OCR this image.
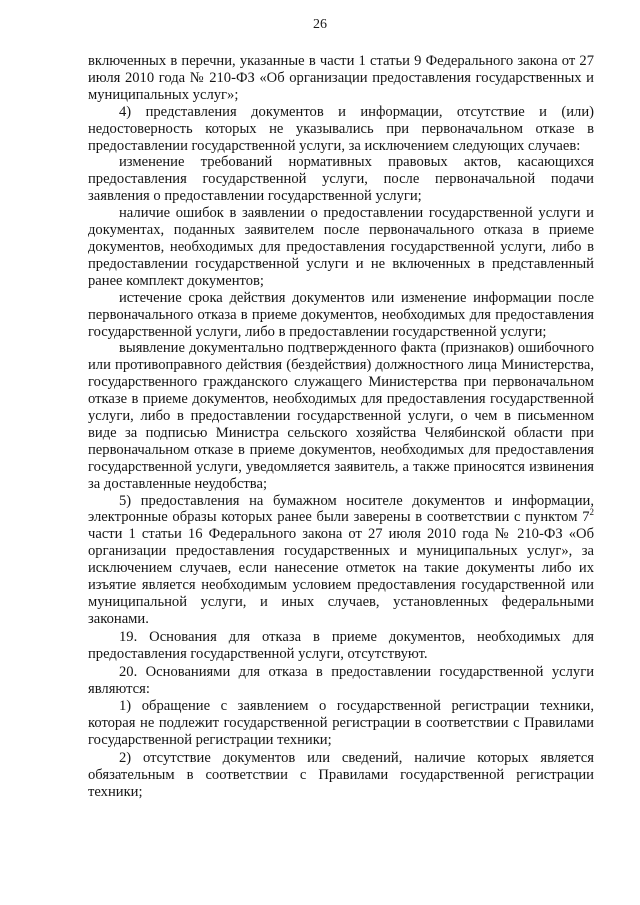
26

включенных в перечни, указанные в части 1 статьи 9 Федерального закона от 27 июля 2010 года № 210-ФЗ «Об организации предоставления государственных и муниципальных услуг»;

4) представления документов и информации, отсутствие и (или) недостоверность которых не указывались при первоначальном отказе в предоставлении государственной услуги, за исключением следующих случаев:

изменение требований нормативных правовых актов, касающихся предоставления государственной услуги, после первоначальной подачи заявления о предоставлении государственной услуги;

наличие ошибок в заявлении о предоставлении государственной услуги и документах, поданных заявителем после первоначального отказа в приеме документов, необходимых для предоставления государственной услуги, либо в предоставлении государственной услуги и не включенных в представленный ранее комплект документов;

истечение срока действия документов или изменение информации после первоначального отказа в приеме документов, необходимых для предоставления государственной услуги, либо в предоставлении государственной услуги;

выявление документально подтвержденного факта (признаков) ошибочного или противоправного действия (бездействия) должностного лица Министерства, государственного гражданского служащего Министерства при первоначальном отказе в приеме документов, необходимых для предоставления государственной услуги, либо в предоставлении государственной услуги, о чем в письменном виде за подписью Министра сельского хозяйства Челябинской области при первоначальном отказе в приеме документов, необходимых для предоставления государственной услуги, уведомляется заявитель, а также приносятся извинения за доставленные неудобства;

5) предоставления на бумажном носителе документов и информации, электронные образы которых ранее были заверены в соответствии с пунктом $7^2$ части 1 статьи 16 Федерального закона от 27 июля 2010 года № 210-ФЗ «Об организации предоставления государственных и муниципальных услуг», за исключением случаев, если нанесение отметок на такие документы либо их изъятие является необходимым условием предоставления государственной или муниципальной услуги, и иных случаев, установленных федеральными законами.

19. Основания для отказа в приеме документов, необходимых для предоставления государственной услуги, отсутствуют.

20. Основаниями для отказа в предоставлении государственной услуги являются:

1) обращение с заявлением о государственной регистрации техники, которая не подлежит государственной регистрации в соответствии с Правилами государственной регистрации техники;

2) отсутствие документов или сведений, наличие которых является обязательным в соответствии с Правилами государственной регистрации техники;
